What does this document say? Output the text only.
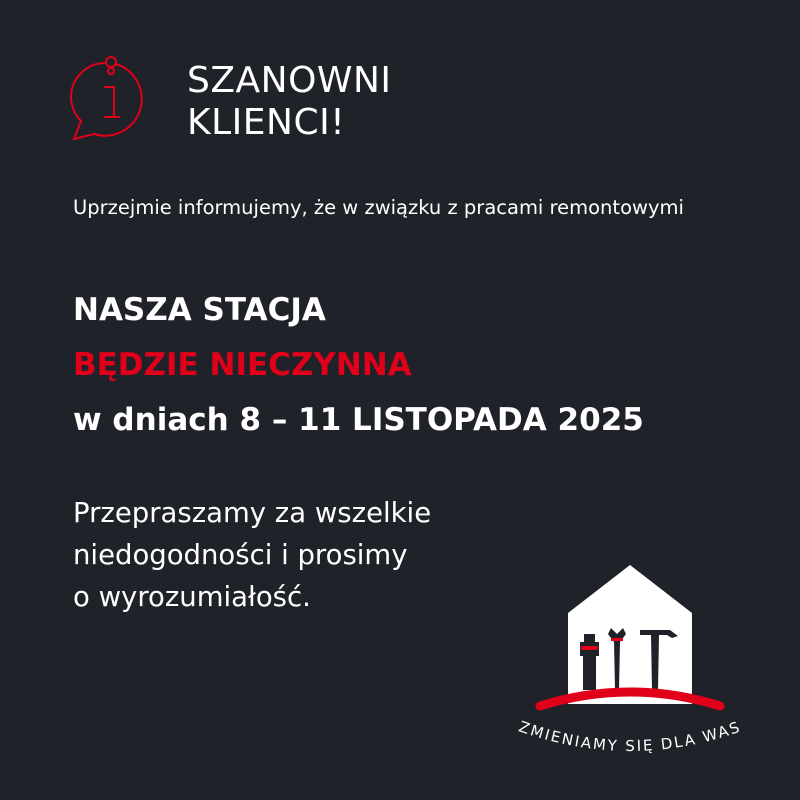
SZANOWNI
KLIENCI!
Uprzejmie informujemy, że w związku z pracami remontowymi
NASZA STACJA
BĘDZIE NIECZYNNA
w dniach 8 – 11 LISTOPADA 2025
Przepraszamy za wszelkie
niedogodności i prosimy
o wyrozumiałość.
ZMIENIAMY SIĘ DLA WAS
